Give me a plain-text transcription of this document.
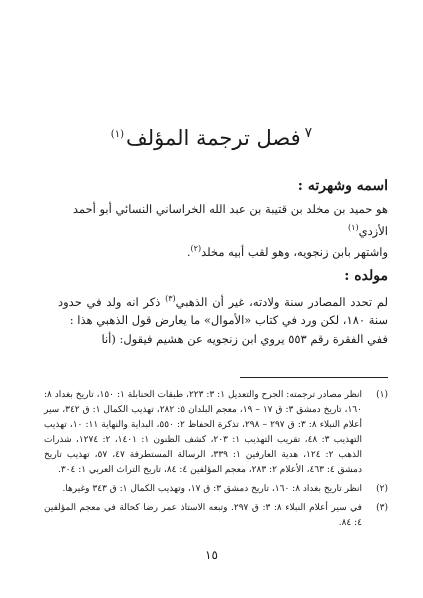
$^٧$فصل ترجمة المؤلف$^{(١)}$
اسمه وشهرته :
هو حميد بن مخلد بن قتيبة بن عبد الله الخراساني النسائي أبو أحمد
الأزدي$^{(١)}$
واشتهر بابن زنجويه، وهو لقب أبيه مخلد$^{(٢)}$.
مولده :
لم تحدد المصادر سنة ولادته، غير أن الذهبي$^{(٣)}$ ذكر انه ولد في حدود سنة ١٨٠، لكن ورد في كتاب «الأموال» ما يعارض قول الذهبي هذا :
ففي الفقرة رقم ٥٥٣ يروي ابن زنجويه عن هشيم فيقول: (أنا
(١)
انظر مصادر ترجمته: الجرح والتعديل ١: ٣: ٢٢٣، طبقات الحنابلة ١: ١٥٠، تاريخ بغداد ٨: ١٦٠، تاريخ دمشق ٣: ق ١٧ – ١٩، معجم البلدان ٥: ٢٨٢، تهذيب الكمال ١: ق ٣٤٢، سير أعلام النبلاء ٨: ٣: ق ٢٩٧ – ٢٩٨، تذكرة الحفاظ ٢: ٥٥٠، البداية والنهاية ١١: ١٠، تهذيب التهذيب ٣: ٤٨، تقريب التهذيب ١: ٢٠٣، كشف الظنون ١: ١٤٠١، ٢: ١٢٧٤، شذرات الذهب ٢: ١٢٤، هدية العارفين ١: ٣٣٩، الرسالة المستطرفة ٤٧، ٥٧، تهذيب تاريخ دمشق ٤: ٤٦٣، الأعلام ٢: ٢٨٣، معجم المؤلفين ٤: ٨٤، تاريخ التراث العربي ١: ٣٠٤.
(٢)
انظر تاريخ بغداد ٨: ١٦٠، تاريخ دمشق ٣: ق ١٧، وتهذيب الكمال ١: ق ٣٤٣ وغيرها.
(٣)
في سير أعلام النبلاء ٨: ٣: ق ٢٩٧. وتبعه الاستاذ عمر رضا كحالة في معجم المؤلفين ٤: ٨٤.
١٥
